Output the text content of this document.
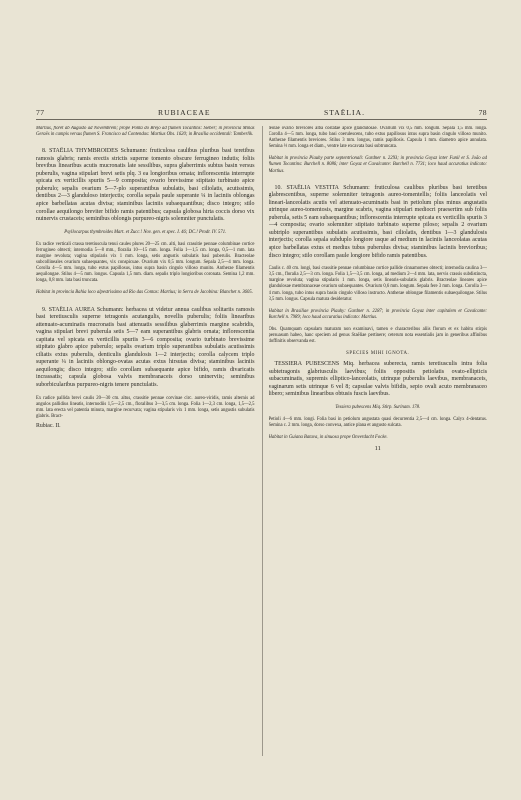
77	RUBIACEAE	STAËLIA.	78

Martius, floret ab Augusto ad Novembrem; prope Ponta do Brejo ad flumen Tocantins: Sieber; in provincia Minas Geraës in campis versus flumen S. Francisco ad Contendas: Martius Obs. 1620; in Brasilia occidentali: Tamberlik.

8. STAËLIA THYMBROIDES Schumann: fruticulosa caulibus pluribus basi teretibus ramosis glabris; ramis erectis strictis superne tomento obscure ferrugineo indutis; foliis brevibus linearibus acutis mucronatis late sessilibus, supra glaberrimis subtus basin versus puberulis, vagina stipulari brevi setis plq. 3 ea longioribus ornata; inflorescentia interrupte spicata ex verticillis spuriis 5—9 composita; ovario brevissime stipitato turbinato apice puberulo; sepalis ovarium 5—7-plo superantibus subulatis, basi ciliolatis, acutissimis, dentibus 2—3 glanduloso interjectis; corolla sepala paule superante ¼ in laciniis oblongas apice barbellatas acutas divisa; staminibus laciniis subaequantibus; disco integro; stilo corollae aequilongo breviter bifido ramis patentibus; capsula globosa hirta coccis dorso vix nuinervis crustaceis; seminibus oblongis purpureo-nigris solemniter punctulatis.

Psyllocarpus thymbroides Mart. et Zucc.! Nov. gen. et spec. I. 46; DC.! Prodr. IV. 571.

Ex radice verticali crassa teretiuscula tenui caules plures 20—25 cm. alti, basi crassitie pennae columbinae cortice ferrugineo obtecti; internodia 5—8 mm., floralia 10—15 mm. longa. Folia 1—1,5 cm. longa, 0,5—1 mm. lata margine revoluta; vagina stipularis vix 1 mm. longa, setis angustis subulatis basi puberulis. Bracteolae subcollineales ovarium subaequantes, vix conspicuae. Ovarium vix 0,5 mm. longum. Sepala 2,5—4 mm. longa. Corolla 4—5 mm. longa, tubo extus papillosus, intus supra basin cingulo villoso munito. Antherae filamentis aequilongae. Stilus 4—5 mm. longus. Capsula 1,5 mm. diam. sepalis triplo longioribus coronata. Semina 1,2 mm. longa, 0,8 mm. lata basi truncata.

Habitat in provincia Bahia loco alpestrissimo ad Rio das Contas: Martius; in Serra de Jacobina: Blanchet n. 3605.

9. STAËLIA AUREA Schumann: herbacea ut videtur annua caulibus solitariis ramosis basi teretiusculis superne tetragonis acutangulis, novellis puberulis; foliis linearibus attenuato-acuminatis mucronatis basi attenuatis sessilibus glaberrimis margine scabridis, vagina stipulari brevi puberula setis 5—7 eam superantibus glabris ornata; inflorescentia capitata vel spicata ex verticillis spuriis 3—6 composita; ovario turbinato brevissime stipitato glabro apice puberulo; sepalis ovarium triplo superantibus subulatis acutissimis ciliatis extus puberulis, denticulis glandulosis 1—2 interjectis; corolla calycem triplo superante ¼ in laciniis oblongo-ovatas acutas extus hirsutas divisa; staminibus laciniis aequilongis; disco integro; stilo corollam subaequante apice bifido, ramis divaricatis incrassatis; capsula globosa valvis membranaceis dorso uninerviis; seminibus suborbicularibus purpureo-nigris tenere punctulatis.

Ex radice pallida brevi caulis 20—30 cm. altus, crassitie pennae corvinae circ. aureo-viridis, ramis alternis ad angulos pallidius lineatis, internodiis 1,5—2,5 cm., floralibus 3—3,5 cm. longa. Folia 1—2,3 cm. longa, 1,5—2,5 mm. lata erecta vel patentia minuta, margine recurvata; vagina stipularis vix 1 mm. longa, setis angustis subulatis glabris. Bract-

Rubiac. II.

teolae ovario breviores alba costatae apice glandulosae. Ovarium vix 0,5 mm. longum. Sepala 1,5 mm. longa. Corolla 4—5 mm. longa, tubo basi coerulescens, tubo extus papillosus intus supra basin cingulo villoso munito. Antherae filamentis breviores. Stilus 3 mm. longus, ramis papillosis. Capsula 1 mm. diametro apice annulata. Semina ⅓ mm. longa et diam., ventre late excavata basi subtruncata.

Habitat in provincia Piauhy parte septentrionali: Gardner n. 2293; in provincia Goyaz inter Funil et S. João ad flumen Tocantins: Burchell n. 8086; inter Goyaz et Cavalcante: Burchell n. 7731; loco haud accuratius indicato: Martius.

10. STAËLIA VESTITA Schumann: fruticulosa caulibus pluribus basi teretibus glabrescentibus, superne solemniter tetragonis aureo-tomentellis; foliis lanceolatis vel lineari-lanceolatis acutis vel attenuato-acuminatis basi in petiolum plus minus angustatis utrinque aureo-tomentosis, margine scabris, vagina stipulari mediocri praesertim sub foliis puberula, setis 5 eam subaequantibus; inflorescentia interrupte spicata ex verticillis spuriis 3—4 composita; ovario solemniter stipitato turbinato superne piloso; sepalis 2 ovarium subtriplo superantibus subulatis acutissimis, basi ciliolatis, dentibus 1—3 glandulosis interjectis; corolla sepala subduplo longiore usque ad medium in laciniis lanceolatas acutas apice barbellatas extus et medius tubus puberulus divisa; staminibus laciniis brevioribus; disco integro; stilo corollam paule longiore bifido ramis patentibus.

Caulis c. 40 cm. longi, basi crassitie pennae columbinae cortice pallide cinnamomeo obtecti; internodia caulina 3—3,5 cm., floralia 2,5—3 cm. longa. Folia 1,5—3,5 cm. longa, ad medium 2—4 mm. lata, nervis crassis subdistincta, margine revoluta; vagina stipularis 1 mm. longa, setis linearis-subulatis glabris. Bracteolae lineares apice glandulosae membranaceae ovarium subaequantes. Ovarium 0,6 mm. longum. Sepala fere 3 mm. longa. Corolla 3—4 mm. longa, tubo intus supra basin cingulo villoso instructo. Antherae oblongae filamentis subaequilongae. Stilus 3,5 mm. longus. Capsula matura desideratur.

Habitat in Brasiliae provincia Piauhy: Gardner n. 2287; in provincia Goyaz inter capitalem et Cavalcante: Burchell n. 7989; loco haud accuratius indicato: Martius.

Obs. Quamquam capsulam maturam non examinavi, tamen e characteribus aliis florum et ex habitu stirpis persuasum habeo, hanc speciem ad genus Staëliae pertinere; ceterum nota essentialis jam in generibus affinibus doffinitis observanda est.

SPECIES MIHI IGNOTA.

TESSIERA PUBESCENS Miq. herbacea suberecta, ramis teretiusculis intra folia subtetragonis glabriusculis laevibus; foliis oppositis petiolatis ovato-ellipticis subacuminatis, supremis elliptico-lanceolatis, utrinque puberulis laevibus, membranaceis, vaginarum setis utrinque 6 vel 8; capsulae valvis bifidis, sepio ovali acuto membranaceo libero; seminibus linearibus obtusis fuscis laevibus.

Tessiera pubescens Miq. Stirp. Surinam. 178.

Petioli 4—6 mm. longi. Folia basi in petiolum angustata quasi decurrentia 2,5—4 cm. longa. Calyx 4-dentatus. Semina c. 2 mm. longa, dorso convexa, antice plana et angusto sulcata.

Habitat in Guiana Batava, in sinuosa prope Onverdacht Focke.

11
